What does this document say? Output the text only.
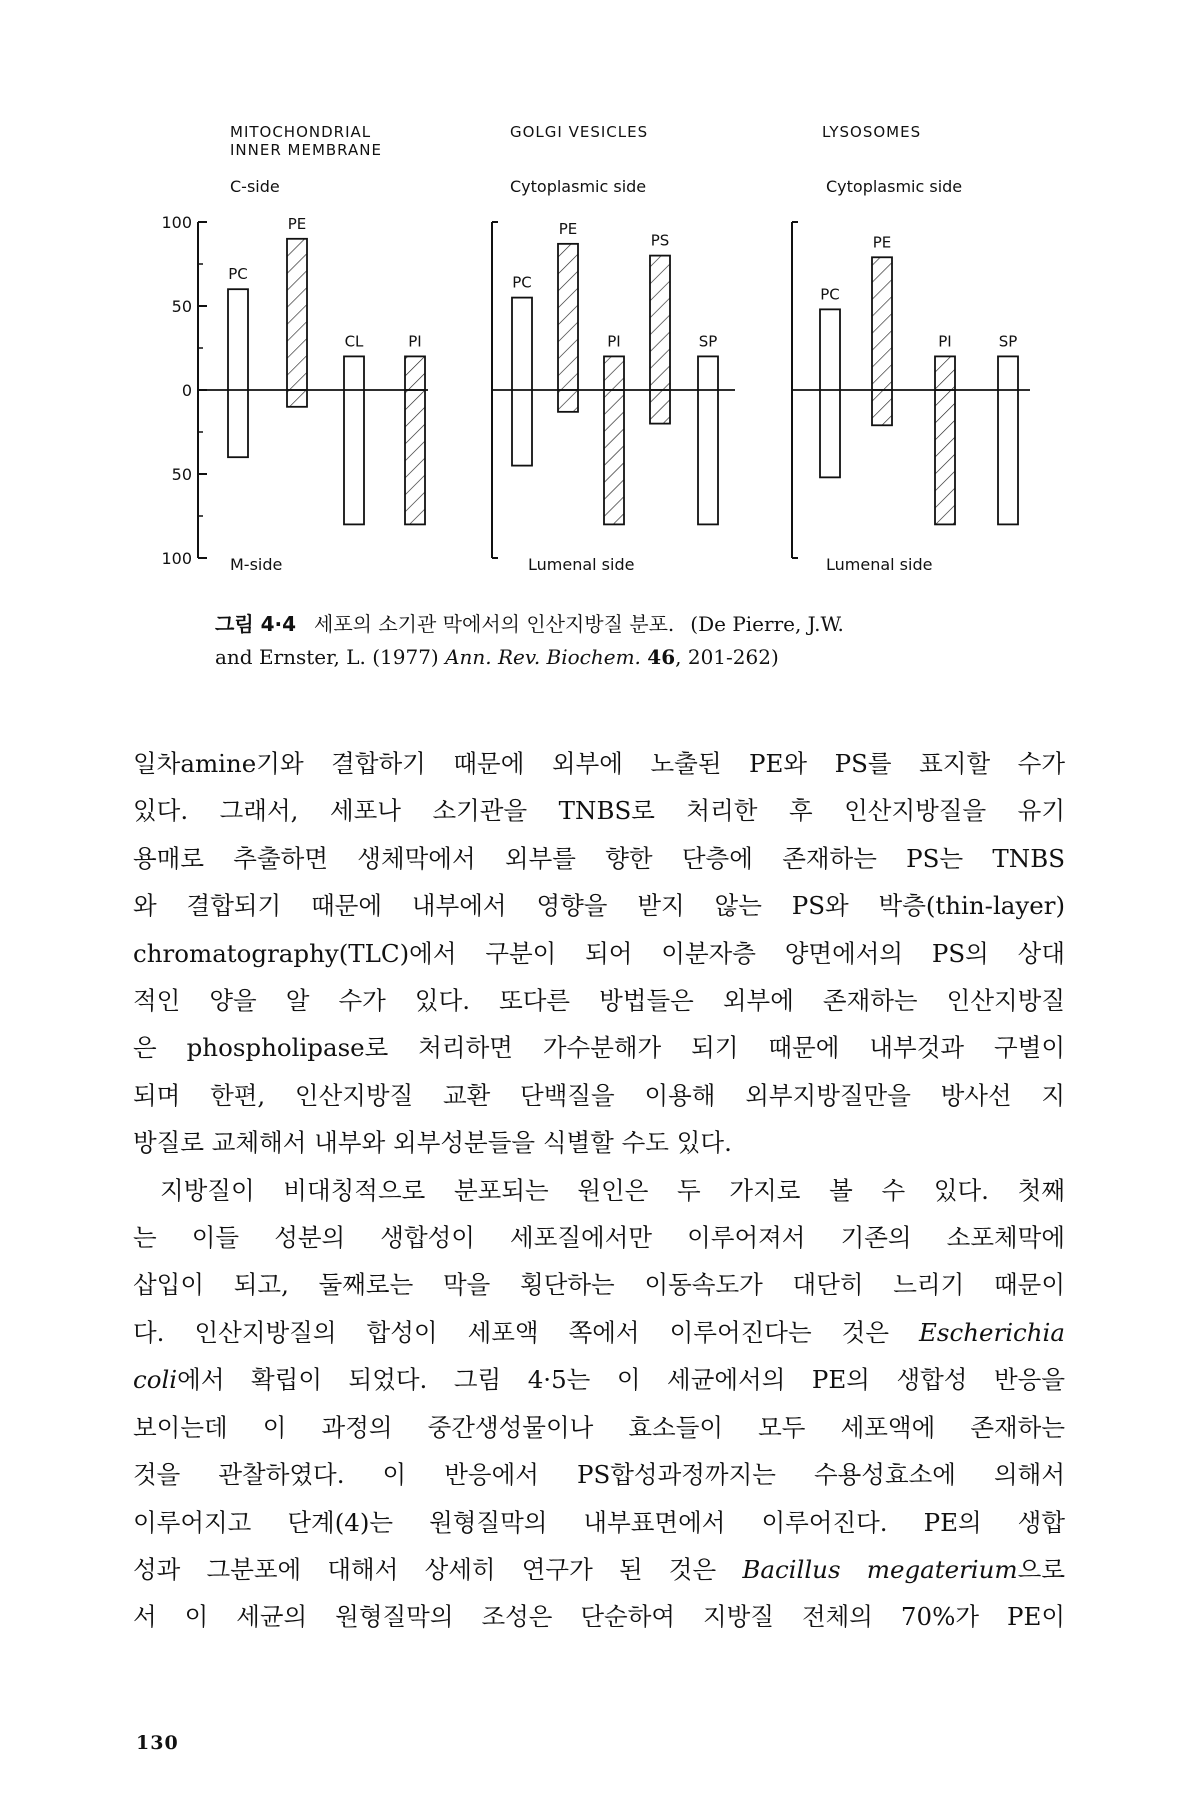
100
50
0
50
100
MITOCHONDRIAL
INNER MEMBRANE
C-side
M-side
PC
PE
CL	PI
GOLGI VESICLES
Cytoplasmic side
Lumenal side
PC
PE
PI
PS
SP
LYSOSOMES
Cytoplasmic side
Lumenal side
PC
PE
PI	SP
그림 4·4 세포의 소기관 막에서의 인산지방질 분포. (De Pierre, J.W.
and Ernster, L. (1977) Ann. Rev. Biochem. 46, 201-262)

일차amine기와 결합하기 때문에 외부에 노출된 PE와 PS를 표지할 수가

있다. 그래서, 세포나 소기관을 TNBS로 처리한 후 인산지방질을 유기

용매로 추출하면 생체막에서 외부를 향한 단층에 존재하는 PS는 TNBS

와 결합되기 때문에 내부에서 영향을 받지 않는 PS와 박층(thin-layer)

chromatography(TLC)에서 구분이 되어 이분자층 양면에서의 PS의 상대

적인 양을 알 수가 있다. 또다른 방법들은 외부에 존재하는 인산지방질

은 phospholipase로 처리하면 가수분해가 되기 때문에 내부것과 구별이

되며 한편, 인산지방질 교환 단백질을 이용해 외부지방질만을 방사선 지

방질로 교체해서 내부와 외부성분들을 식별할 수도 있다.

지방질이 비대칭적으로 분포되는 원인은 두 가지로 볼 수 있다. 첫째

는 이들 성분의 생합성이 세포질에서만 이루어져서 기존의 소포체막에

삽입이 되고, 둘째로는 막을 횡단하는 이동속도가 대단히 느리기 때문이

다. 인산지방질의 합성이 세포액 쪽에서 이루어진다는 것은 Escherichia

coli에서 확립이 되었다. 그림 4·5는 이 세균에서의 PE의 생합성 반응을

보이는데 이 과정의 중간생성물이나 효소들이 모두 세포액에 존재하는

것을 관찰하였다. 이 반응에서 PS합성과정까지는 수용성효소에 의해서

이루어지고 단계(4)는 원형질막의 내부표면에서 이루어진다. PE의 생합

성과 그분포에 대해서 상세히 연구가 된 것은 Bacillus megaterium으로

서 이 세균의 원형질막의 조성은 단순하여 지방질 전체의 70%가 PE이

130
